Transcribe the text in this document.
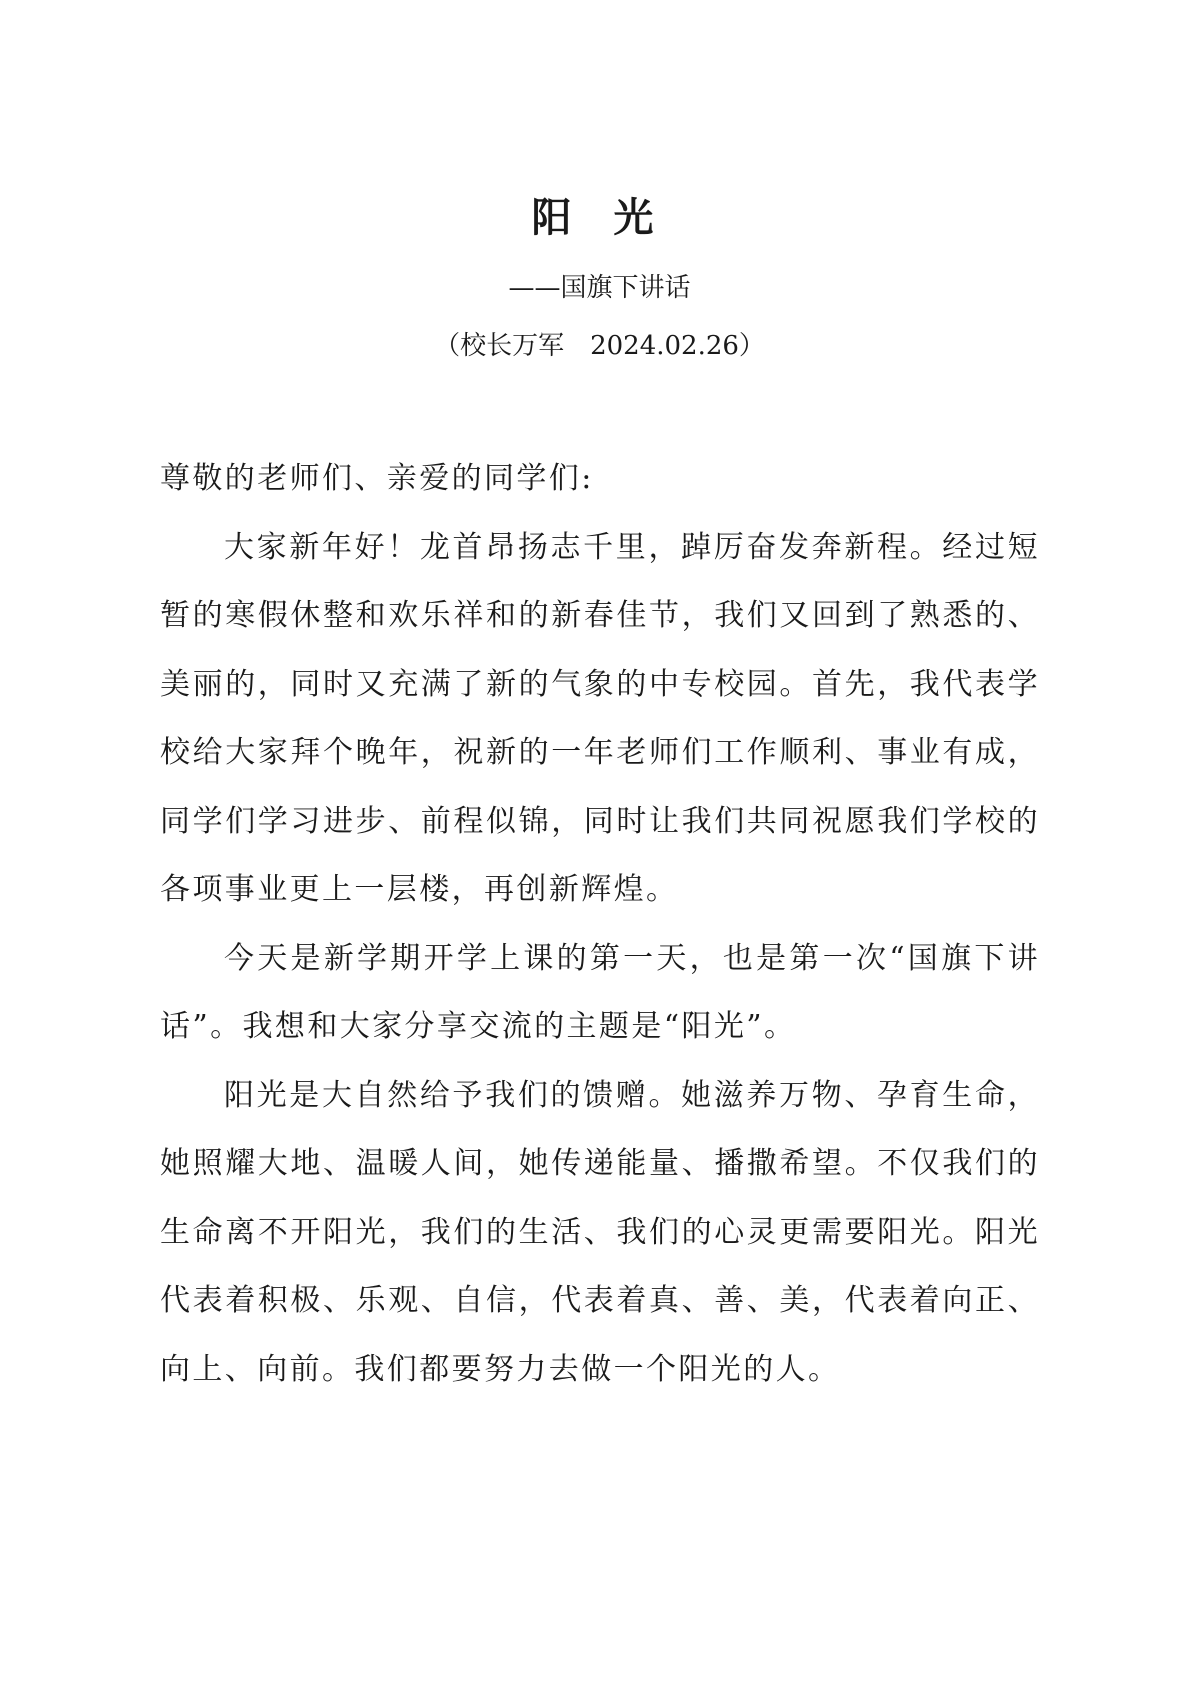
阳 光
——国旗下讲话
（校长万军　2024.02.26）

尊敬的老师们、亲爱的同学们:

大家新年好！龙首昂扬志千里，踔厉奋发奔新程。经过短暂的寒假休整和欢乐祥和的新春佳节，我们又回到了熟悉的、美丽的，同时又充满了新的气象的中专校园。首先，我代表学校给大家拜个晚年，祝新的一年老师们工作顺利、事业有成，同学们学习进步、前程似锦，同时让我们共同祝愿我们学校的各项事业更上一层楼，再创新辉煌。

今天是新学期开学上课的第一天，也是第一次“国旗下讲话”。我想和大家分享交流的主题是“阳光”。

阳光是大自然给予我们的馈赠。她滋养万物、孕育生命，她照耀大地、温暖人间，她传递能量、播撒希望。不仅我们的生命离不开阳光，我们的生活、我们的心灵更需要阳光。阳光代表着积极、乐观、自信，代表着真、善、美，代表着向正、向上、向前。我们都要努力去做一个阳光的人。
